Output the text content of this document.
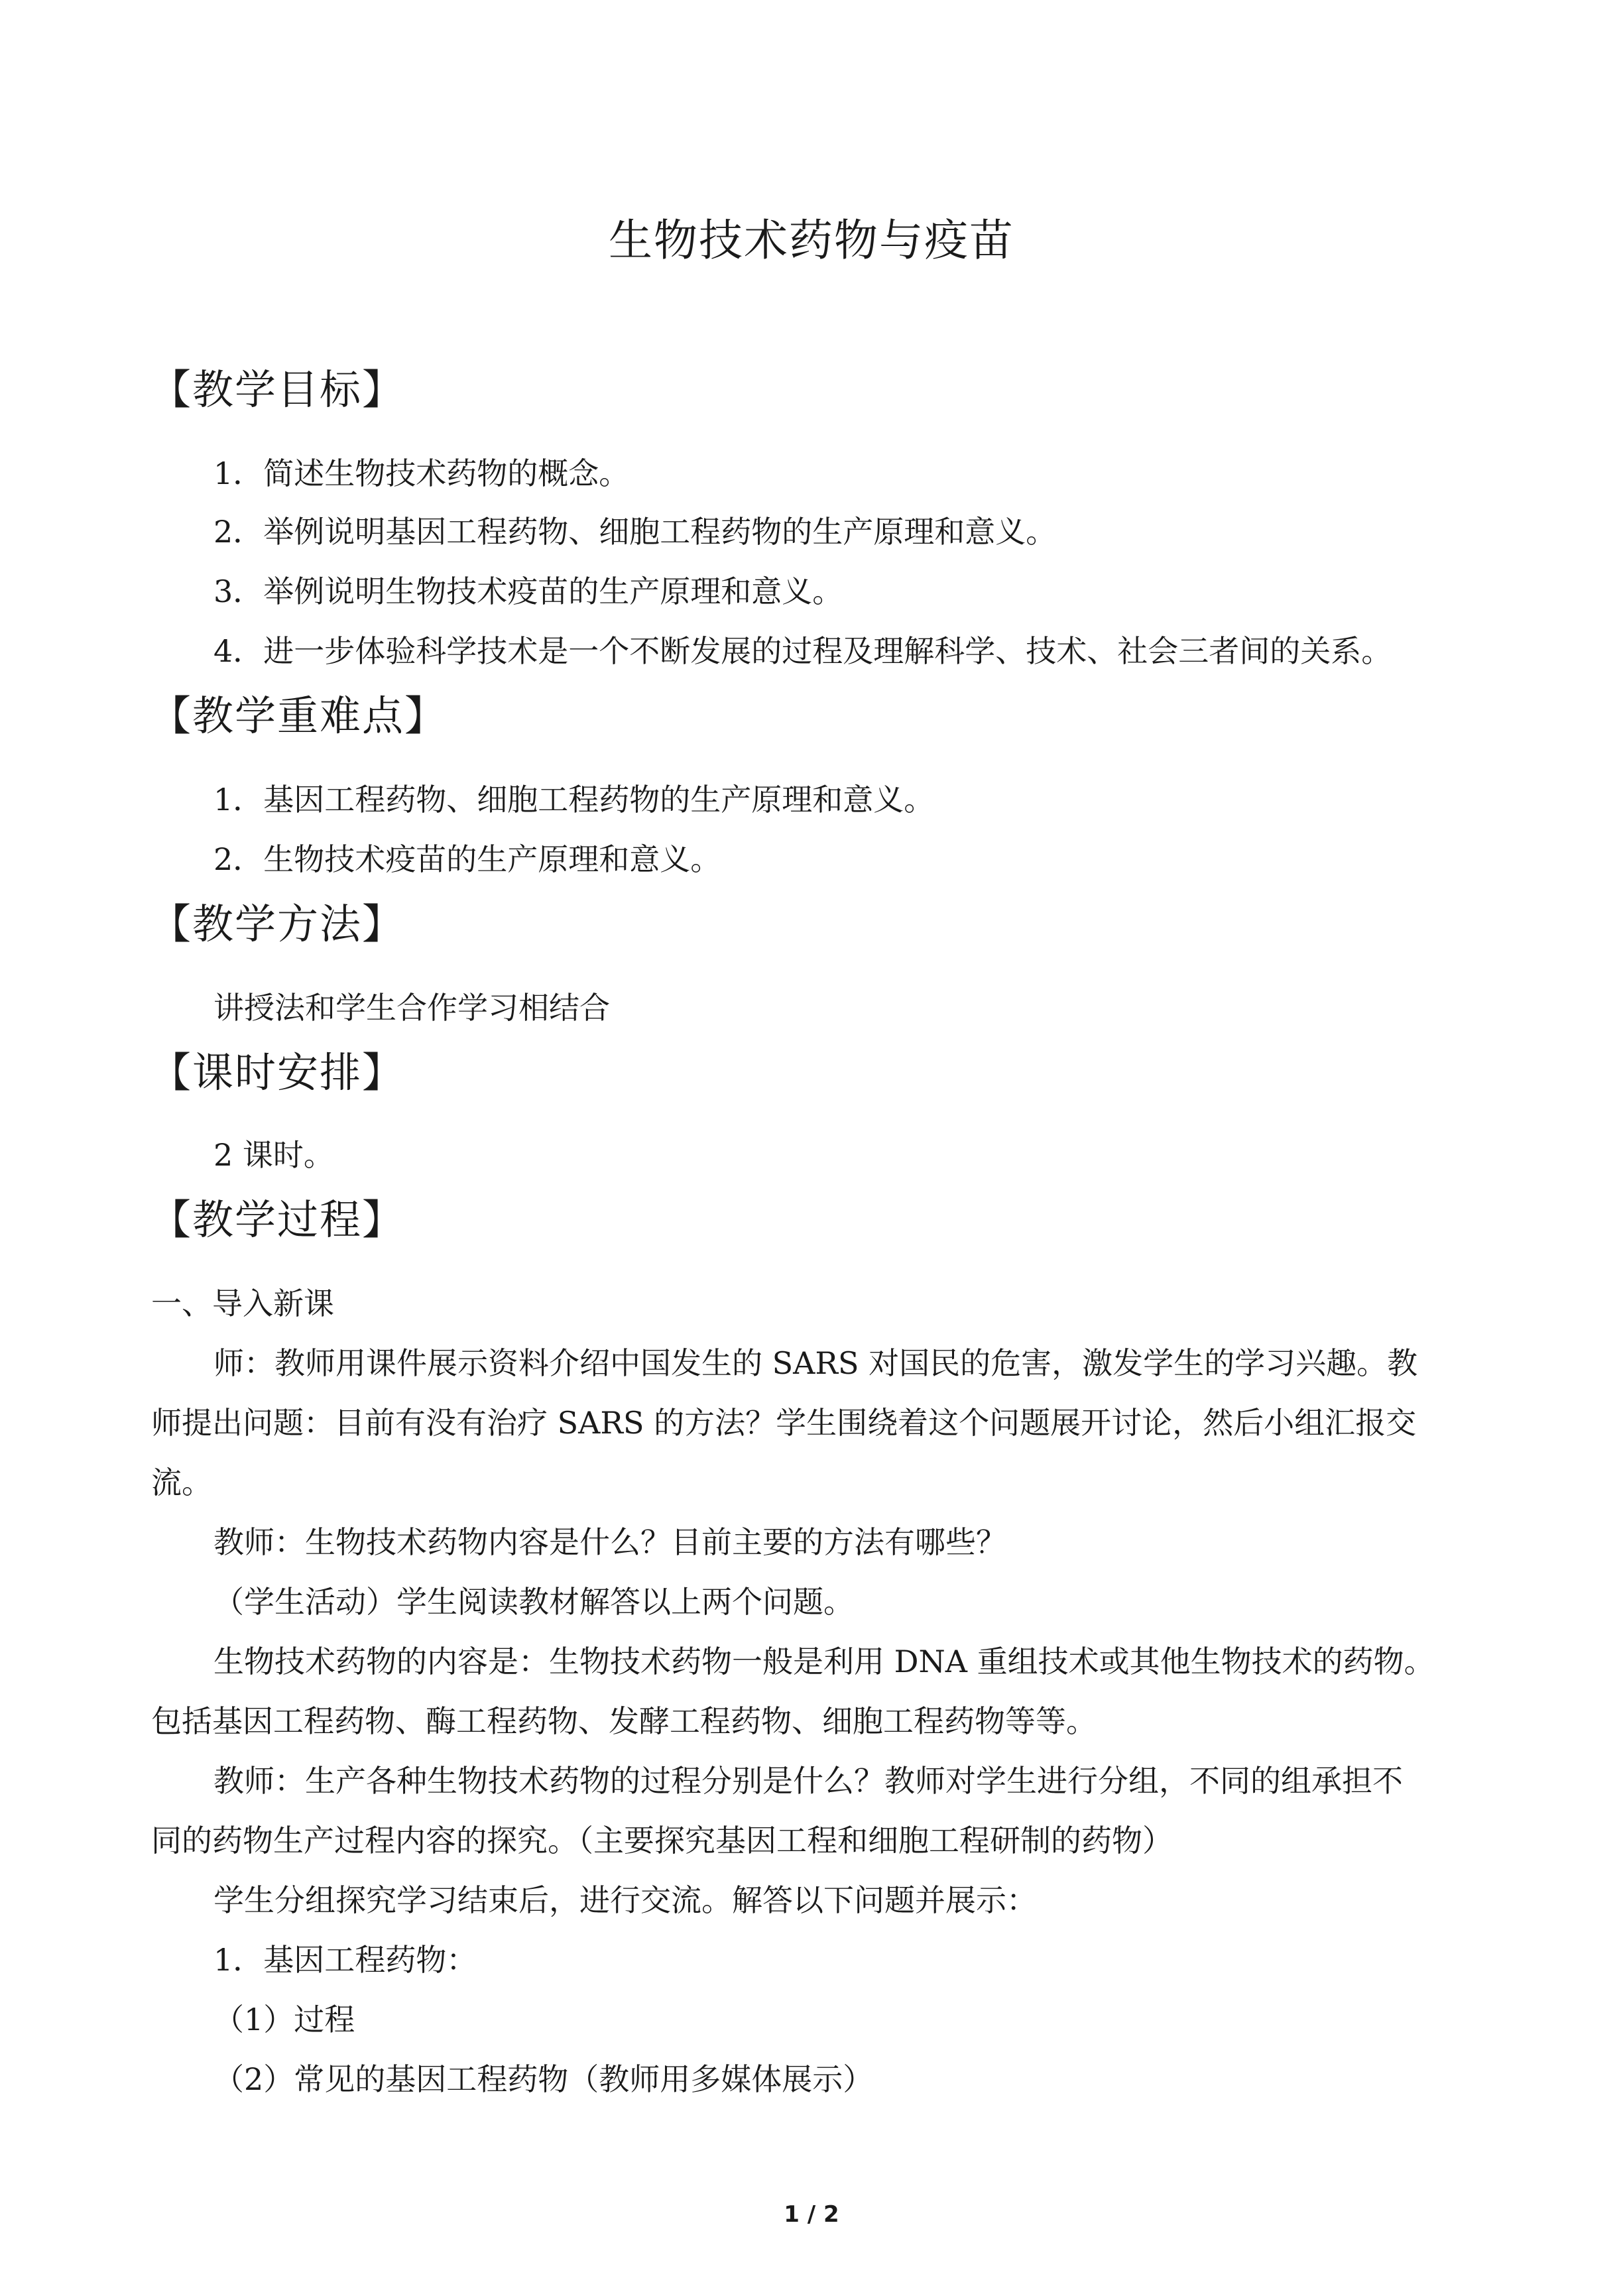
生物技术药物与疫苗
【教学目标】
1．简述生物技术药物的概念。
2．举例说明基因工程药物、细胞工程药物的生产原理和意义。
3．举例说明生物技术疫苗的生产原理和意义。
4．进一步体验科学技术是一个不断发展的过程及理解科学、技术、社会三者间的关系。
【教学重难点】
1．基因工程药物、细胞工程药物的生产原理和意义。
2．生物技术疫苗的生产原理和意义。
【教学方法】
讲授法和学生合作学习相结合
【课时安排】
2 课时。
【教学过程】
一、导入新课
师：教师用课件展示资料介绍中国发生的 SARS 对国民的危害，激发学生的学习兴趣。教
师提出问题：目前有没有治疗 SARS 的方法？学生围绕着这个问题展开讨论，然后小组汇报交
流。
教师：生物技术药物内容是什么？目前主要的方法有哪些？
（学生活动）学生阅读教材解答以上两个问题。
生物技术药物的内容是：生物技术药物一般是利用 DNA 重组技术或其他生物技术的药物。
包括基因工程药物、酶工程药物、发酵工程药物、细胞工程药物等等。
教师：生产各种生物技术药物的过程分别是什么？教师对学生进行分组，不同的组承担不
同的药物生产过程内容的探究。（主要探究基因工程和细胞工程研制的药物）
学生分组探究学习结束后，进行交流。解答以下问题并展示：
1．基因工程药物：
（1）过程
（2）常见的基因工程药物（教师用多媒体展示）
1 / 2
